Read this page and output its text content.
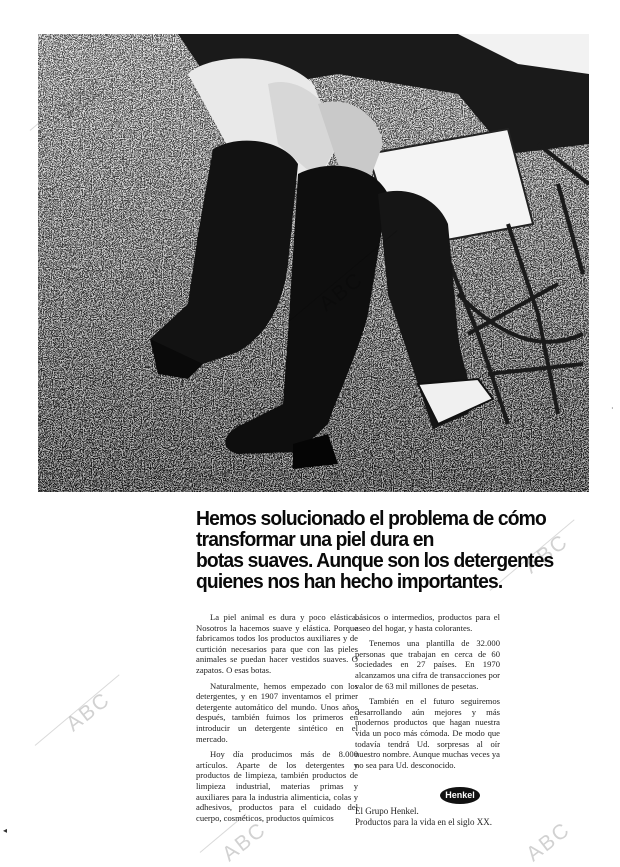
Hemos solucionado el problema de cómo
transformar una piel dura en
botas suaves. Aunque son los detergentes
quienes nos han hecho importantes.

La piel animal es dura y poco elástica. Nosotros la hacemos suave y elástica. Porque fabricamos todos los productos auxiliares y de curtición necesarios para que con las pieles animales se puedan hacer vestidos suaves. O zapatos. O esas botas.

Naturalmente, hemos empezado con los detergentes, y en 1907 inventamos el primer detergente automático del mundo. Unos años después, también fuimos los primeros en introducir un detergente sintético en el mercado.

Hoy día producimos más de 8.000 artículos. Aparte de los detergentes y productos de limpieza, también productos de limpieza industrial, materias primas y auxiliares para la industria alimenticia, colas y adhesivos, productos para el cuidado del cuerpo, cosméticos, productos químicos

básicos o intermedios, productos para el aseo del hogar, y hasta colorantes.

Tenemos una plantilla de 32.000 personas que trabajan en cerca de 60 sociedades en 27 países. En 1970 alcanzamos una cifra de transacciones por valor de 63 mil millones de pesetas.

También en el futuro seguiremos desarrollando aún mejores y más modernos productos que hagan nuestra vida un poco más cómoda. De modo que todavía tendrá Ud. sorpresas al oír nuestro nombre. Aunque muchas veces ya no sea para Ud. desconocido.

Henkel
El Grupo Henkel.
Productos para la vida en el siglo XX.
ABC
ABC
ABC
ABC
ABC	ABC
·
◂
